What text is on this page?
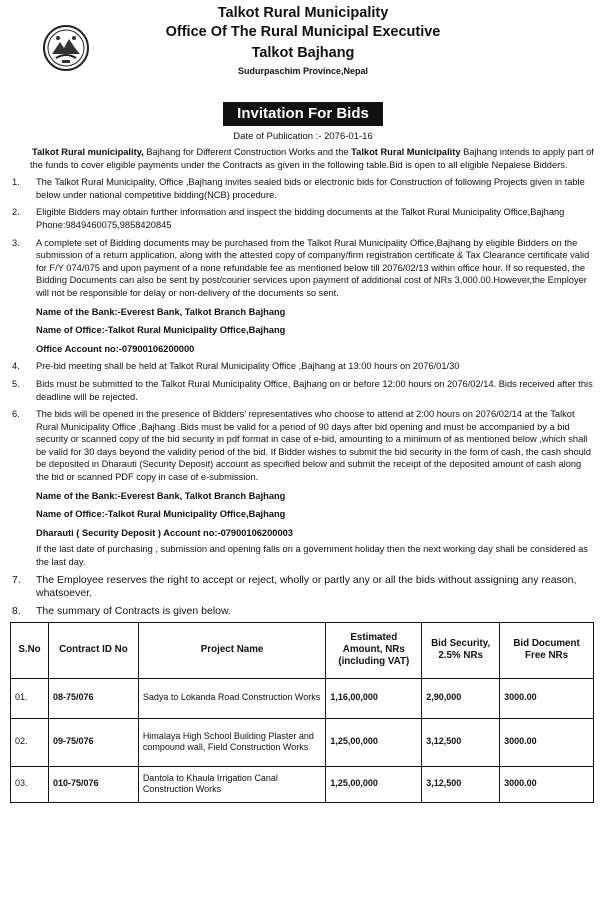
Talkot Rural Municipality
Office Of The Rural Municipal Executive
Talkot Bajhang
Sudurpaschim Province,Nepal
Invitation For Bids
Date of Publication :- 2076-01-16
Talkot Rural municipality, Bajhang for Different Construction Works and the Talkot Rural Municipality Bajhang intends to apply part of the funds to cover eligible payments under the Contracts as given in the following table.Bid is open to all eligible Nepalese Bidders.
1. The Talkot Rural Municipality, Office ,Bajhang invites sealed bids or electronic bids for Construction of following Projects given in table below under national competitive bidding(NCB) procedure.
2. Eligible Bidders may obtain further information and inspect the bidding documents at the Talkot Rural Municipality Office,Bajhang Phone:9849460075,9858420845
3. A complete set of Bidding documents may be purchased from the Talkot Rural Municipality Office,Bajhang by eligible Bidders on the submission of a return application, along with the attested copy of company/firm registration certificate & Tax Clearance certificate valid for F/Y 074/075 and upon payment of a none refundable fee as mentioned below till 2076/02/13 within office hour. If so requested, the Bidding Documents can also be sent by post/courier services upon payment of additional cost of NRs 3,000.00.However,the Employer will not be responsible for delay or non-delivery of the documents so sent.
Name of the Bank:-Everest Bank, Talkot Branch Bajhang
Name of Office:-Talkot Rural Municipality Office,Bajhang
Office Account no:-07900106200000
4. Pre-bid meeting shall be held at Talkot Rural Municipality Office ,Bajhang at 13:00 hours on 2076/01/30
5. Bids must be submitted to the Talkot Rural Municipality Office, Bajhang on or before 12:00 hours on 2076/02/14. Bids received after this deadline will be rejected.
6. The bids will be opened in the presence of Bidders’ representatives who choose to attend at 2:00 hours on 2076/02/14 at the Talkot Rural Municipality Office ,Bajhang .Bids must be valid for a period of 90 days after bid opening and must be accompanied by a bid security or scanned copy of the bid security in pdf format in case of e-bid, amounting to a minimum of as mentioned below ,which shall be valid for 30 days beyond the validity period of the bid. If Bidder wishes to submit the bid security in the form of cash, the cash should be deposited in Dharauti (Security Deposit) account as specified below and submit the receipt of the deposited amount of cash along the bid or scanned PDF copy in case of e-submission.
Name of the Bank:-Everest Bank, Talkot Branch Bajhang
Name of Office:-Talkot Rural Municipality Office,Bajhang
Dharauti ( Security Deposit ) Account no:-07900106200003
If the last date of purchasing , submission and opening falls on a government holiday then the next working day shall be considered as the last day.
7. The Employee reserves the right to accept or reject, wholly or partly any or all the bids without assigning any reason, whatsoever.
8. The summary of Contracts is given below.
S.No	Contract ID No	Project Name	Estimated Amount, NRs (including VAT)	Bid Security, 2.5% NRs	Bid Document Free NRs
01.	08-75/076	Sadya to Lokanda Road Construction Works	1,16,00,000	2,90,000	3000.00
02.	09-75/076	Himalaya High School Building Plaster and compound wall, Field Construction Works	1,25,00,000	3,12,500	3000.00
03.	010-75/076	Dantola to Khaula Irrigation Canal Construction Works	1,25,00,000	3,12,500	3000.00
